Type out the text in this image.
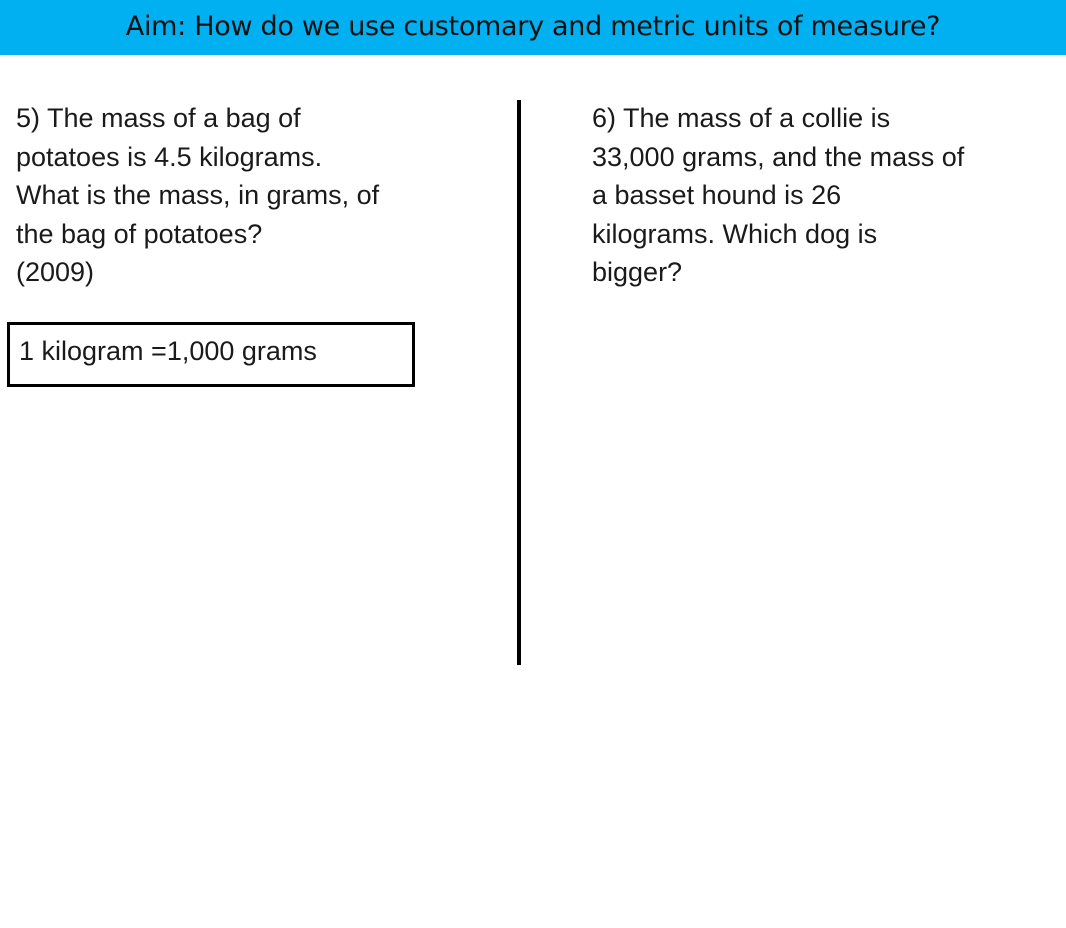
Aim: How do we use customary and metric units of measure?
5) The mass of a bag of
potatoes is 4.5 kilograms.
What is the mass, in grams, of
the bag of potatoes?
(2009)
1 kilogram =1,000 grams
6) The mass of a collie is
33,000 grams, and the mass of
a basset hound is 26
kilograms. Which dog is
bigger?
